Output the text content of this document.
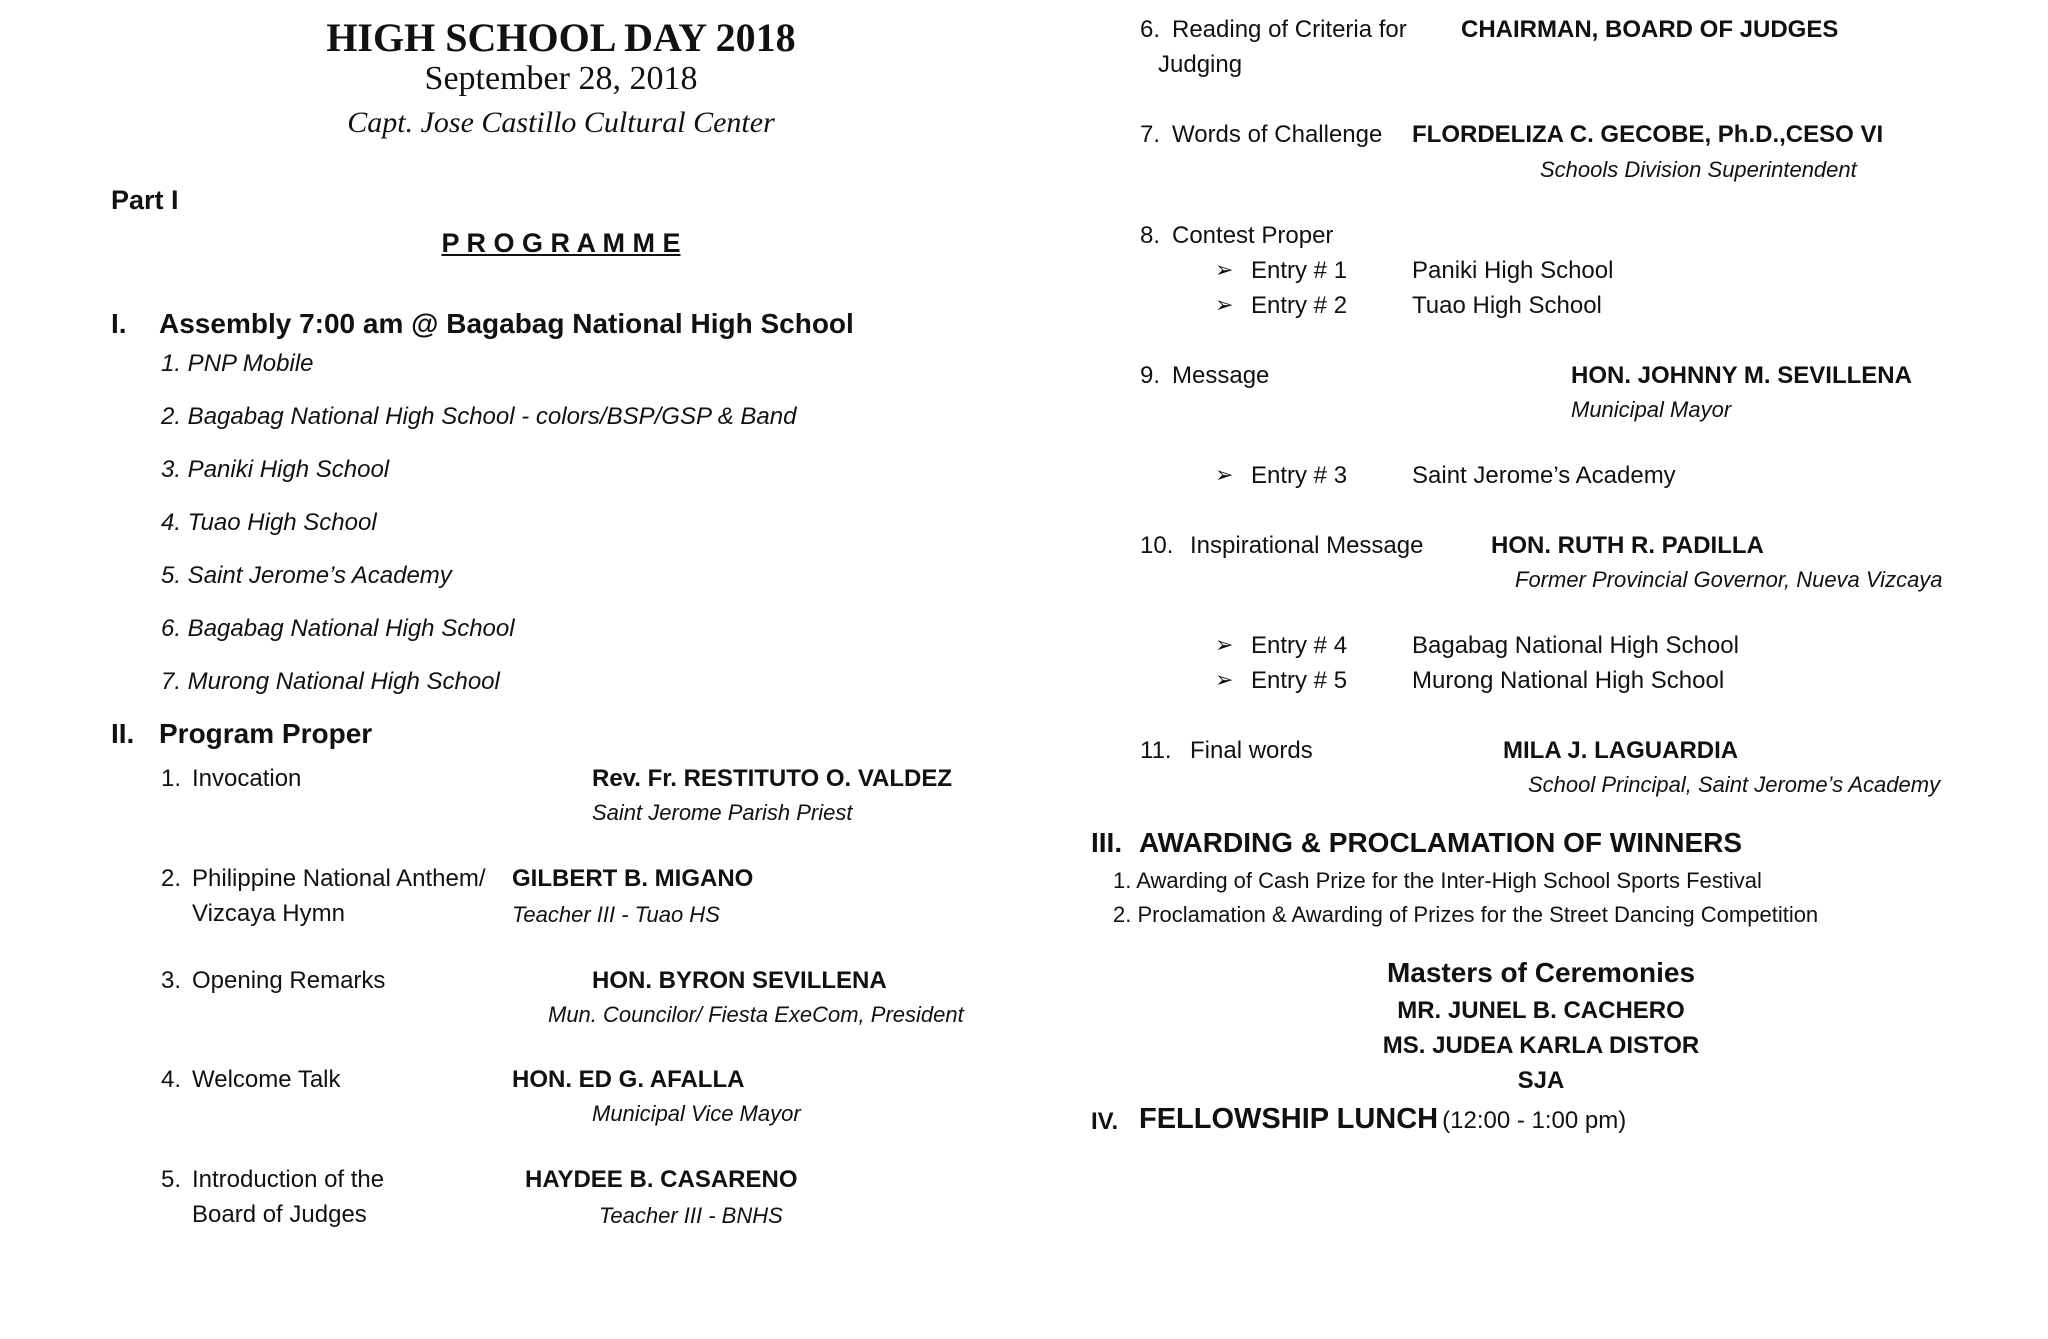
HIGH SCHOOL DAY 2018
September 28, 2018
Capt. Jose Castillo Cultural Center
Part I
P R O G R A M M E
I. Assembly 7:00 am @ Bagabag National High School
1. PNP Mobile
2. Bagabag National High School - colors/BSP/GSP & Band
3. Paniki High School
4. Tuao High School
5. Saint Jerome’s Academy
6. Bagabag National High School
7. Murong National High School
II. Program Proper
1. Invocation	Rev. Fr. RESTITUTO O. VALDEZ
Saint Jerome Parish Priest
2. Philippine National Anthem/
Vizcaya Hymn
GILBERT B. MIGANO
Teacher III - Tuao HS
3. Opening Remarks	HON. BYRON SEVILLENA
Mun. Councilor/ Fiesta ExeCom, President
4. Welcome Talk	HON. ED G. AFALLA
Municipal Vice Mayor
5. Introduction of the
Board of Judges
HAYDEE B. CASARENO
Teacher III - BNHS
6. Reading of Criteria for
Judging
CHAIRMAN, BOARD OF JUDGES
7. Words of Challenge FLORDELIZA C. GECOBE, Ph.D.,CESO VI
Schools Division Superintendent
8. Contest Proper
➢ Entry # 1	Paniki High School
➢ Entry # 2	Tuao High School
9. Message	HON. JOHNNY M. SEVILLENA
Municipal Mayor
➢ Entry # 3	Saint Jerome’s Academy
10. Inspirational Message	HON. RUTH R. PADILLA
Former Provincial Governor, Nueva Vizcaya
➢ Entry # 4	Bagabag National High School
➢ Entry # 5	Murong National High School
11. Final words	MILA J. LAGUARDIA
School Principal, Saint Jerome’s Academy
III. AWARDING & PROCLAMATION OF WINNERS
1. Awarding of Cash Prize for the Inter-High School Sports Festival
2. Proclamation & Awarding of Prizes for the Street Dancing Competition
Masters of Ceremonies
MR. JUNEL B. CACHERO
MS. JUDEA KARLA DISTOR
SJA
IV. FELLOWSHIP LUNCH (12:00 - 1:00 pm)
